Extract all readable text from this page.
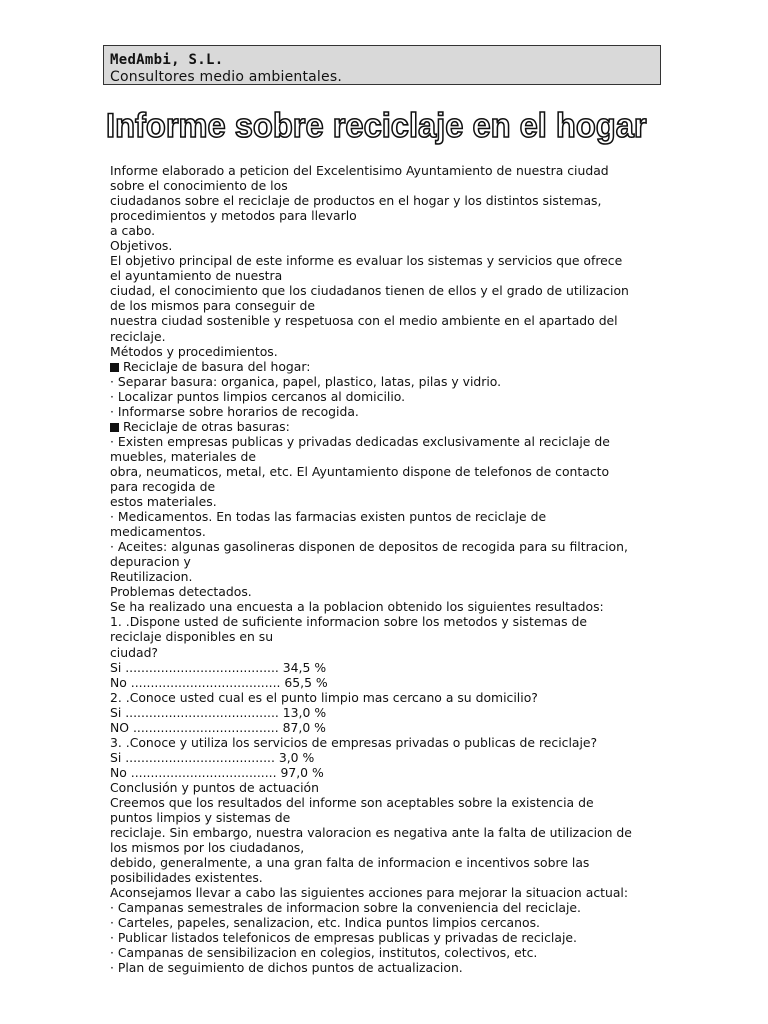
MedAmbi, S.L.
Consultores medio ambientales.
Informe sobre reciclaje en el hogar
Informe elaborado a peticion del Excelentisimo Ayuntamiento de nuestra ciudad
sobre el conocimiento de los
ciudadanos sobre el reciclaje de productos en el hogar y los distintos sistemas,
procedimientos y metodos para llevarlo
a cabo.
Objetivos.
El objetivo principal de este informe es evaluar los sistemas y servicios que ofrece
el ayuntamiento de nuestra
ciudad, el conocimiento que los ciudadanos tienen de ellos y el grado de utilizacion
de los mismos para conseguir de
nuestra ciudad sostenible y respetuosa con el medio ambiente en el apartado del
reciclaje.
Métodos y procedimientos.
Reciclaje de basura del hogar:
· Separar basura: organica, papel, plastico, latas, pilas y vidrio.
· Localizar puntos limpios cercanos al domicilio.
· Informarse sobre horarios de recogida.
Reciclaje de otras basuras:
· Existen empresas publicas y privadas dedicadas exclusivamente al reciclaje de
muebles, materiales de
obra, neumaticos, metal, etc. El Ayuntamiento dispone de telefonos de contacto
para recogida de
estos materiales.
· Medicamentos. En todas las farmacias existen puntos de reciclaje de
medicamentos.
· Aceites: algunas gasolineras disponen de depositos de recogida para su filtracion,
depuracion y
Reutilizacion.
Problemas detectados.
Se ha realizado una encuesta a la poblacion obtenido los siguientes resultados:
1. .Dispone usted de suficiente informacion sobre los metodos y sistemas de
reciclaje disponibles en su
ciudad?
Si ....................................... 34,5 %
No ...................................... 65,5 %
2. .Conoce usted cual es el punto limpio mas cercano a su domicilio?
Si ....................................... 13,0 %
NO ..................................... 87,0 %
3. .Conoce y utiliza los servicios de empresas privadas o publicas de reciclaje?
Si ...................................... 3,0 %
No ..................................... 97,0 %
Conclusión y puntos de actuación
Creemos que los resultados del informe son aceptables sobre la existencia de
puntos limpios y sistemas de
reciclaje. Sin embargo, nuestra valoracion es negativa ante la falta de utilizacion de
los mismos por los ciudadanos,
debido, generalmente, a una gran falta de informacion e incentivos sobre las
posibilidades existentes.
Aconsejamos llevar a cabo las siguientes acciones para mejorar la situacion actual:
· Campanas semestrales de informacion sobre la conveniencia del reciclaje.
· Carteles, papeles, senalizacion, etc. Indica puntos limpios cercanos.
· Publicar listados telefonicos de empresas publicas y privadas de reciclaje.
· Campanas de sensibilizacion en colegios, institutos, colectivos, etc.
· Plan de seguimiento de dichos puntos de actualizacion.
